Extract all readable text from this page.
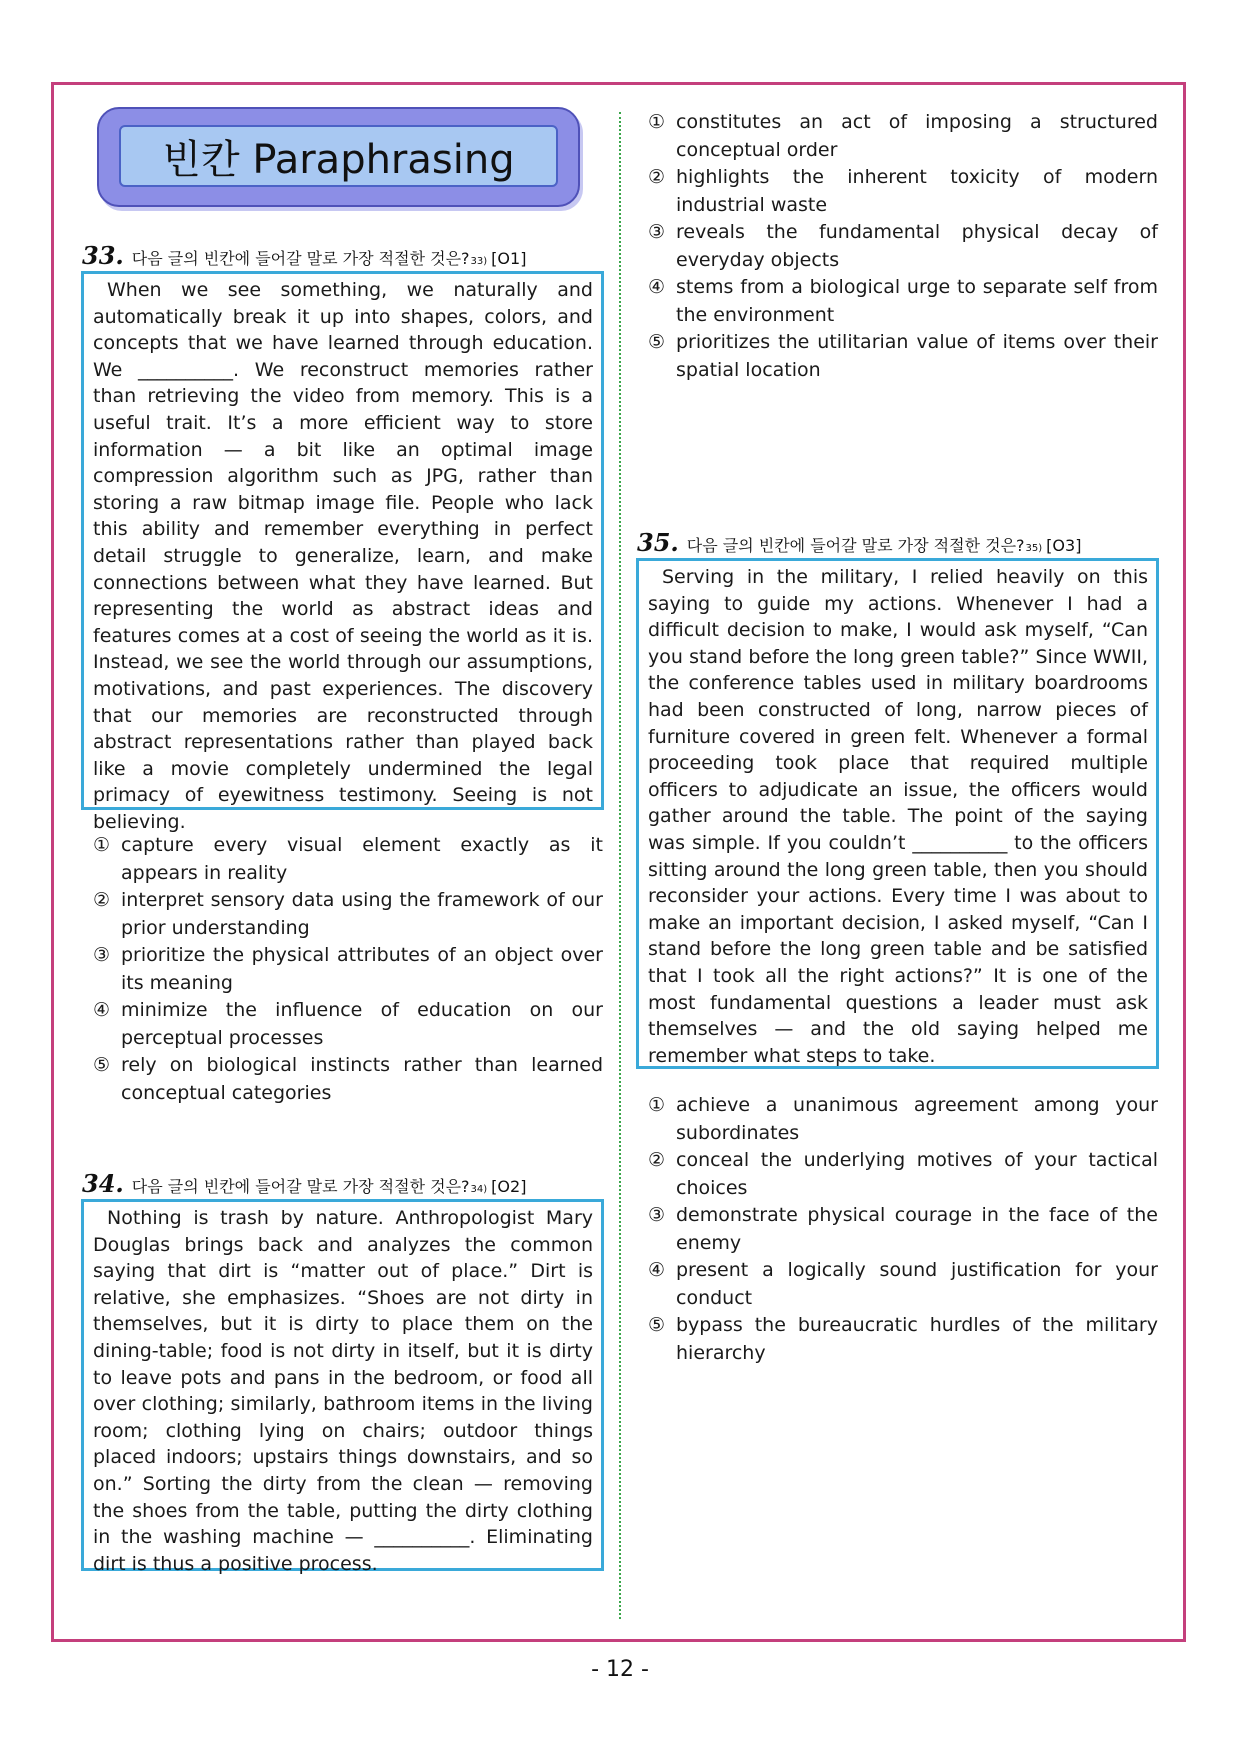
빈칸 Paraphrasing
33 .	다음 글의 빈칸에 들어갈 말로 가장 적절한 것은? 33) [O1]

When we see something, we naturally and automatically break it up into shapes, colors, and concepts that we have learned through education. We __________. We reconstruct memories rather than retrieving the video from memory. This is a useful trait. It’s a more efficient way to store information — a bit like an optimal image compression algorithm such as JPG, rather than storing a raw bitmap image file. People who lack this ability and remember everything in perfect detail struggle to generalize, learn, and make connections between what they have learned. But representing the world as abstract ideas and features comes at a cost of seeing the world as it is. Instead, we see the world through our assumptions, motivations, and past experiences. The discovery that our memories are reconstructed through abstract representations rather than played back like a movie completely undermined the legal primacy of eyewitness testimony. Seeing is not believing.

① capture every visual element exactly as it appears in reality
② interpret sensory data using the framework of our prior understanding
③ prioritize the physical attributes of an object over its meaning
④ minimize the influence of education on our perceptual processes
⑤ rely on biological instincts rather than learned conceptual categories
34 .	다음 글의 빈칸에 들어갈 말로 가장 적절한 것은? 34) [O2]

Nothing is trash by nature. Anthropologist Mary Douglas brings back and analyzes the common saying that dirt is “matter out of place.” Dirt is relative, she emphasizes. “Shoes are not dirty in themselves, but it is dirty to place them on the dining-table; food is not dirty in itself, but it is dirty to leave pots and pans in the bedroom, or food all over clothing; similarly, bathroom items in the living room; clothing lying on chairs; outdoor things placed indoors; upstairs things downstairs, and so on.” Sorting the dirty from the clean — removing the shoes from the table, putting the dirty clothing in the washing machine — __________. Eliminating dirt is thus a positive process.

① constitutes an act of imposing a structured conceptual order
② highlights the inherent toxicity of modern industrial waste
③ reveals the fundamental physical decay of everyday objects
④ stems from a biological urge to separate self from the environment
⑤ prioritizes the utilitarian value of items over their spatial location
35 .	다음 글의 빈칸에 들어갈 말로 가장 적절한 것은? 35) [O3]

Serving in the military, I relied heavily on this saying to guide my actions. Whenever I had a difficult decision to make, I would ask myself, “Can you stand before the long green table?” Since WWII, the conference tables used in military boardrooms had been constructed of long, narrow pieces of furniture covered in green felt. Whenever a formal proceeding took place that required multiple officers to adjudicate an issue, the officers would gather around the table. The point of the saying was simple. If you couldn’t __________ to the officers sitting around the long green table, then you should reconsider your actions. Every time I was about to make an important decision, I asked myself, “Can I stand before the long green table and be satisfied that I took all the right actions?” It is one of the most fundamental questions a leader must ask themselves — and the old saying helped me remember what steps to take.

① achieve a unanimous agreement among your subordinates
② conceal the underlying motives of your tactical choices
③ demonstrate physical courage in the face of the enemy
④ present a logically sound justification for your conduct
⑤ bypass the bureaucratic hurdles of the military hierarchy
- 12 -
